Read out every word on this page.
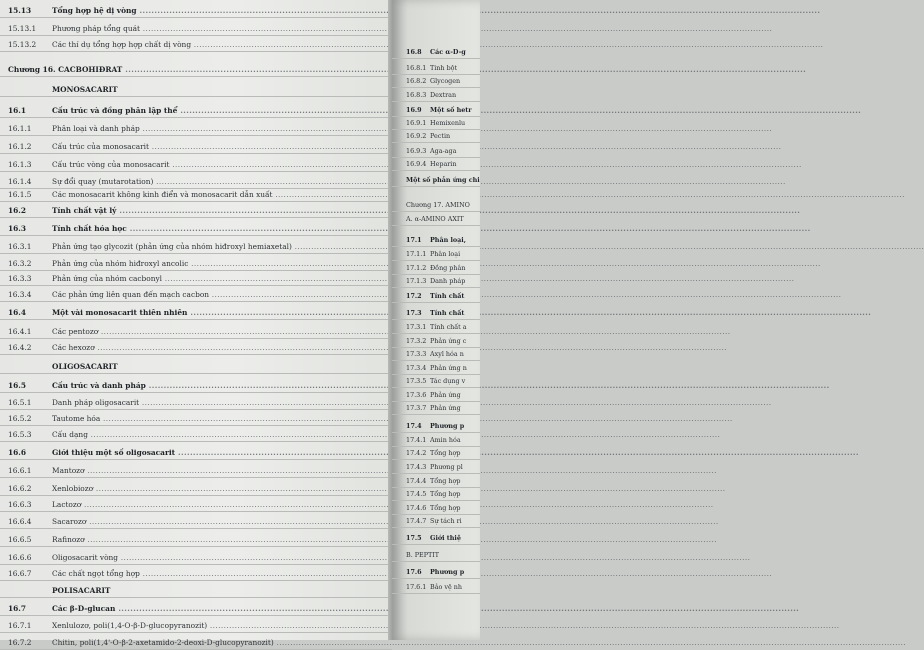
15.13	Tổng hợp hệ dị vòng .....
15.13.1 Phương pháp tổng quát .....
15.13.2 Các thí dụ tổng hợp hợp chất dị vòng .....
Chương 16. CACBOHIĐRAT .....
MONOSACARIT
16.1	Cấu trúc và đồng phân lập thể .....
16.1.1	Phân loại và danh pháp .....
16.1.2	Cấu trúc của monosacarit .....
16.1.3	Cấu trúc vòng của monosacarit .....
16.1.4	Sự đổi quay (mutarotation) .....
16.1.5	Các monosacarit không kinh điển và monosacarit dẫn xuất .....
16.2	Tính chất vật lý .....
16.3	Tính chất hóa học .....
16.3.1	Phản ứng tạo glycozit (phản ứng của nhóm hiđroxyl hemiaxetal) .....
16.3.2	Phản ứng của nhóm hiđroxyl ancolic .....
16.3.3	Phản ứng của nhóm cacbonyl .....
16.3.4	Các phản ứng liên quan đến mạch cacbon .....
16.4	Một vài monosacarit thiên nhiên .....
16.4.1	Các pentozơ .....
16.4.2	Các hexozơ .....
OLIGOSACARIT
16.5	Cấu trúc và danh pháp .....
16.5.1	Danh pháp oligosacarit .....
16.5.2	Tautome hóa .....
16.5.3	Cấu dạng .....
16.6	Giới thiệu một số oligosacarit .....
16.6.1	Mantozơ .....
16.6.2	Xenlobiozơ .....
16.6.3	Lactozơ .....
16.6.4	Sacarozơ .....
16.6.5	Rafinozơ .....
16.6.6	Oligosacarit vòng .....
16.6.7	Các chất ngọt tổng hợp .....
POLISACARIT
16.7	Các β-D-glucan .....
16.7.1	Xenlulozơ, poli(1,4-O-β-D-glucopyranozit) .....
16.7.2	Chitin, poli(1,4'-O-β-2-axetamido-2-deoxi-D-glucopyranozit) .....
16.8 Các α-D-g
16.8.1 Tinh bột
16.8.2 Glycogen
16.8.3 Dextran
16.9 Một số hetr
16.9.1 Hemixenlu
16.9.2 Pectin
16.9.3 Aga-aga
16.9.4 Heparin
Một số phản ứng chi
Chương 17. AMINO
A. α-AMINO AXIT
17.1 Phân loại,
17.1.1 Phân loại
17.1.2 Đồng phân
17.1.3 Danh pháp
17.2 Tính chất
17.3 Tính chất
17.3.1 Tính chất a
17.3.2 Phản ứng c
17.3.3 Axyl hóa n
17.3.4 Phản ứng n
17.3.5 Tác dụng v
17.3.6 Phản ứng
17.3.7 Phản ứng
17.4 Phương p
17.4.1 Amin hóa
17.4.2 Tổng hợp
17.4.3 Phương pl
17.4.4 Tổng hợp
17.4.5 Tổng hợp
17.4.6 Tổng hợp
17.4.7 Sự tách ri
17.5 Giới thiệ
B. PEPTIT
17.6 Phương p
17.6.1 Bảo vệ nh
